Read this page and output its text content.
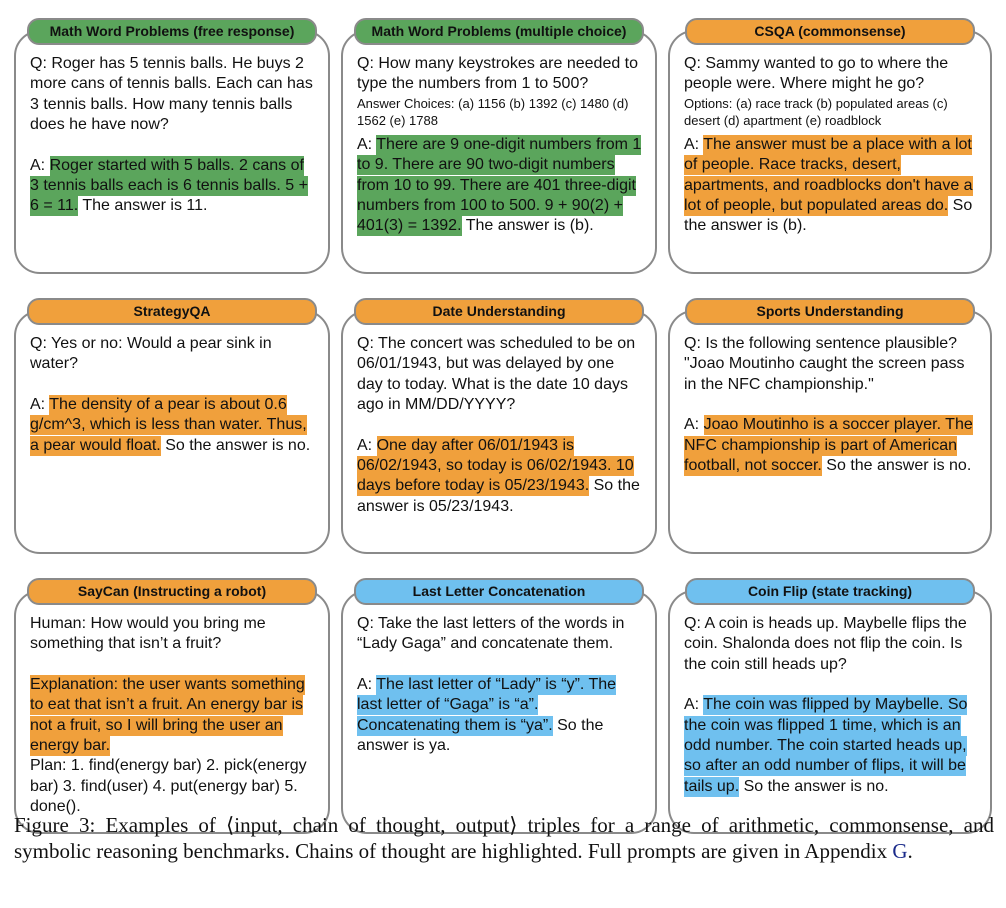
Math Word Problems (free response)
Q: Roger has 5 tennis balls. He buys 2 more cans of tennis balls. Each can has 3 tennis balls. How many tennis balls does he have now?
A: Roger started with 5 balls. 2 cans of 3 tennis balls each is 6 tennis balls. 5 + 6 = 11. The answer is 11.
Math Word Problems (multiple choice)
Q: How many keystrokes are needed to type the numbers from 1 to 500?
Answer Choices: (a) 1156 (b) 1392 (c) 1480 (d) 1562 (e) 1788
A: There are 9 one-digit numbers from 1 to 9. There are 90 two-digit numbers from 10 to 99. There are 401 three-digit numbers from 100 to 500. 9 + 90(2) + 401(3) = 1392. The answer is (b).
CSQA (commonsense)
Q: Sammy wanted to go to where the people were. Where might he go?
Options: (a) race track (b) populated areas (c) desert (d) apartment (e) roadblock
A: The answer must be a place with a lot of people. Race tracks, desert, apartments, and roadblocks don't have a lot of people, but populated areas do. So the answer is (b).
StrategyQA
Q: Yes or no: Would a pear sink in water?
A: The density of a pear is about 0.6 g/cm^3, which is less than water. Thus, a pear would float. So the answer is no.
Date Understanding
Q: The concert was scheduled to be on 06/01/1943, but was delayed by one day to today. What is the date 10 days ago in MM/DD/YYYY?
A: One day after 06/01/1943 is 06/02/1943, so today is 06/02/1943. 10 days before today is 05/23/1943. So the answer is 05/23/1943.
Sports Understanding
Q: Is the following sentence plausible? "Joao Moutinho caught the screen pass in the NFC championship."
A: Joao Moutinho is a soccer player. The NFC championship is part of American football, not soccer. So the answer is no.
SayCan (Instructing a robot)
Human: How would you bring me something that isn’t a fruit?
Explanation: the user wants something to eat that isn’t a fruit. An energy bar is not a fruit, so I will bring the user an energy bar.
Plan: 1. find(energy bar) 2. pick(energy bar) 3. find(user) 4. put(energy bar) 5. done().
Last Letter Concatenation
Q: Take the last letters of the words in “Lady Gaga” and concatenate them.
A: The last letter of “Lady” is “y”. The last letter of “Gaga” is “a”. Concatenating them is “ya”. So the answer is ya.
Coin Flip (state tracking)
Q: A coin is heads up. Maybelle flips the coin. Shalonda does not flip the coin. Is the coin still heads up?
A: The coin was flipped by Maybelle. So the coin was flipped 1 time, which is an odd number. The coin started heads up, so after an odd number of flips, it will be tails up. So the answer is no.
Figure 3: Examples of ⟨input, chain of thought, output⟩ triples for a range of arithmetic, commonsense, and symbolic reasoning benchmarks. Chains of thought are highlighted. Full prompts are given in Appendix G.
